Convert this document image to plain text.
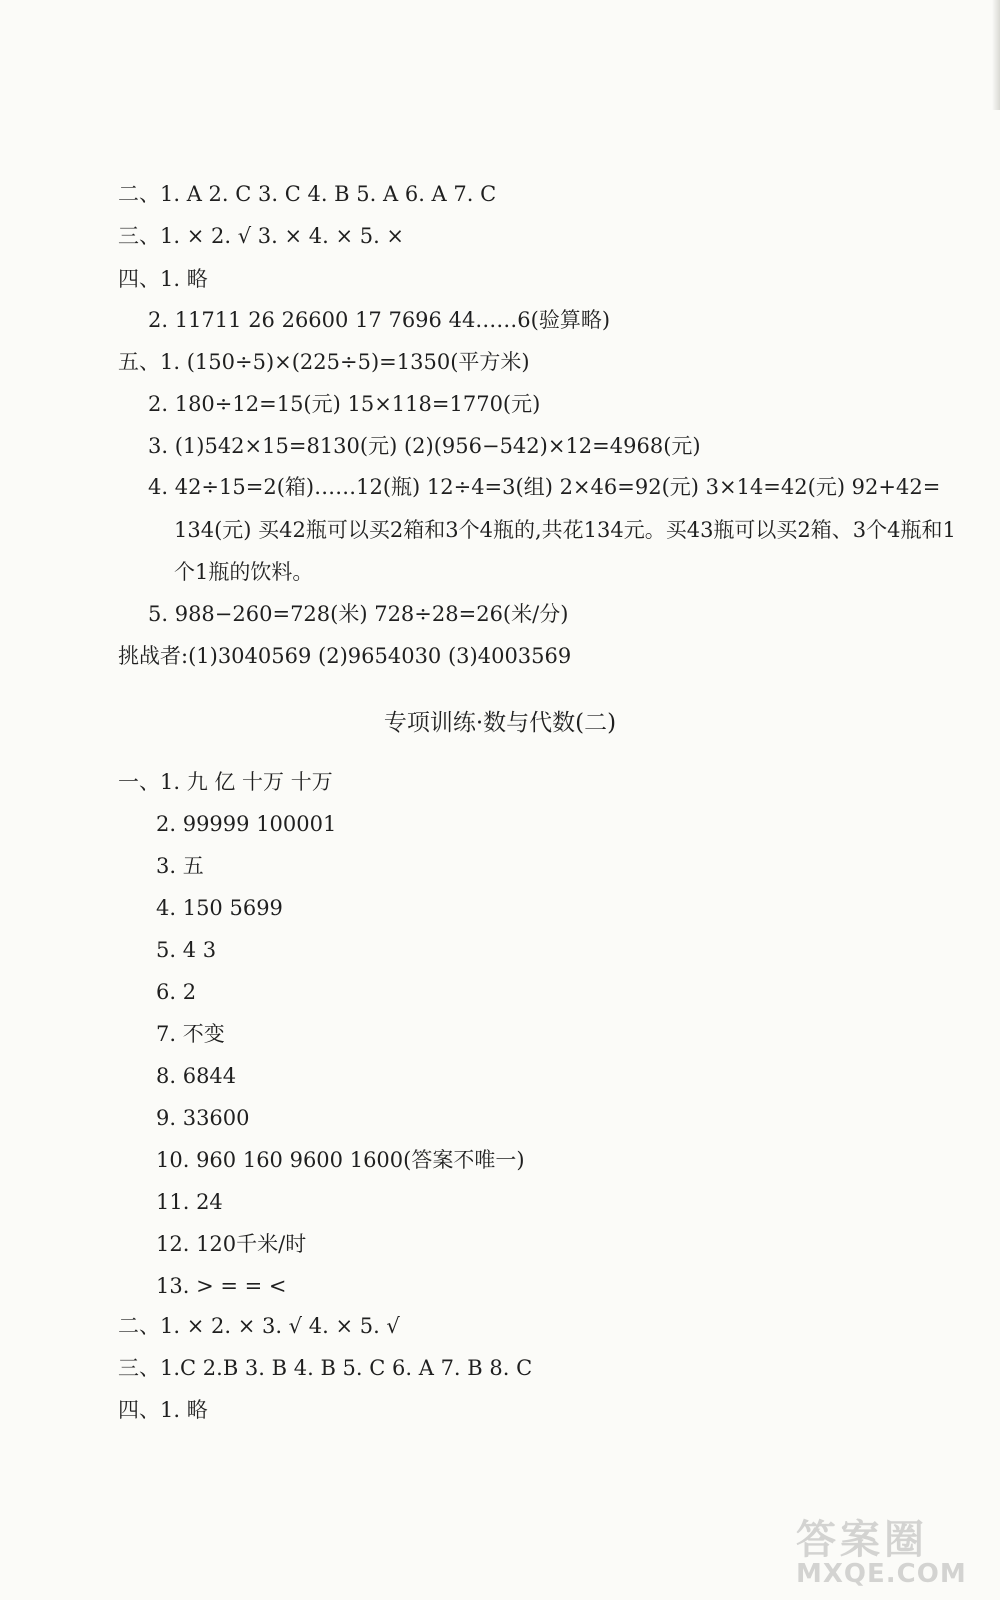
二、1. A 2. C 3. C 4. B 5. A 6. A 7. C
三、1. × 2. √ 3. × 4. × 5. ×
四、1. 略
2. 11711 26 26600 17 7696 44……6(验算略)
五、1. (150÷5)×(225÷5)=1350(平方米)
2. 180÷12=15(元) 15×118=1770(元)
3. (1)542×15=8130(元) (2)(956−542)×12=4968(元)
4. 42÷15=2(箱)……12(瓶) 12÷4=3(组) 2×46=92(元) 3×14=42(元) 92+42=
134(元) 买42瓶可以买2箱和3个4瓶的,共花134元。买43瓶可以买2箱、3个4瓶和1
个1瓶的饮料。
5. 988−260=728(米) 728÷28=26(米/分)
挑战者:(1)3040569 (2)9654030 (3)4003569
专项训练·数与代数(二)
一、1. 九 亿 十万 十万
2. 99999 100001
3. 五
4. 150 5699
5. 4 3
6. 2
7. 不变
8. 6844
9. 33600
10. 960 160 9600 1600(答案不唯一)
11. 24
12. 120千米/时
13. > = = <
二、1. × 2. × 3. √ 4. × 5. √
三、1.C 2.B 3. B 4. B 5. C 6. A 7. B 8. C
四、1. 略
答案圈
MXQE.COM
